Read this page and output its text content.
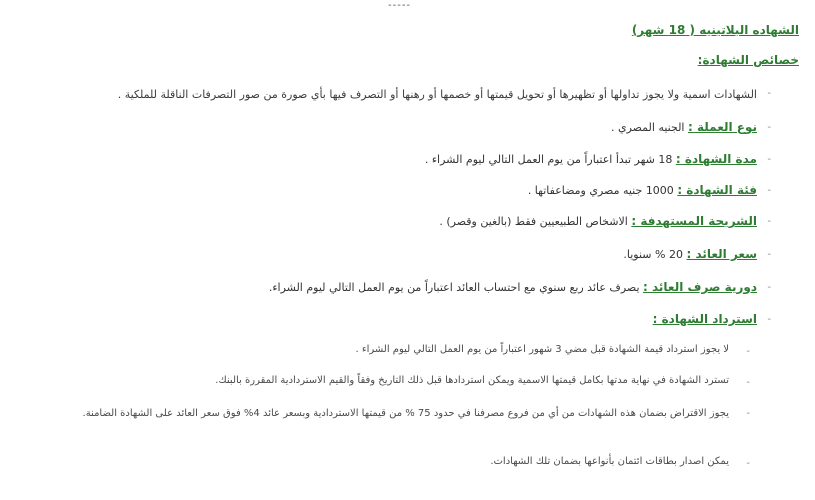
-----
الشهاده البلاتينيه ( 18 شهر)
خصائص الشهادة:
-
الشهادات اسمية ولا يجوز تداولها أو تظهيرها أو تحويل قيمتها أو خصمها أو رهنها أو التصرف فيها بأي صورة من صور التصرفات الناقلة للملكية .
-
نوع العملة : الجنيه المصري .
-
مدة الشهادة : 18 شهر تبدأ اعتباراً من يوم العمل التالي ليوم الشراء .
-
فئة الشهادة : 1000 جنيه مصري ومضاعفاتها .
-
الشريحة المستهدفة : الاشخاص الطبيعيين فقط (بالغين وقصر) .
-
سعر العائد : 20 % سنويا.
-
دورية صرف العائد : يصرف عائد ربع سنوي مع احتساب العائد اعتباراً من يوم العمل التالي ليوم الشراء.
-
استرداد الشهادة :
-
لا يجوز استرداد قيمة الشهادة قبل مضي 3 شهور اعتباراً من يوم العمل التالي ليوم الشراء .
-
تسترد الشهادة في نهاية مدتها بكامل قيمتها الاسمية ويمكن استردادها قبل ذلك التاريخ وفقاً والقيم الاستردادية المقررة بالبنك.
-
يجوز الاقتراض بضمان هذه الشهادات من أي من فروع مصرفنا في حدود 75 % من قيمتها الاستردادية وبسعر عائد 4% فوق سعر العائد على الشهادة الضامنة.
-
يمكن اصدار بطاقات ائتمان بأنواعها بضمان تلك الشهادات.
